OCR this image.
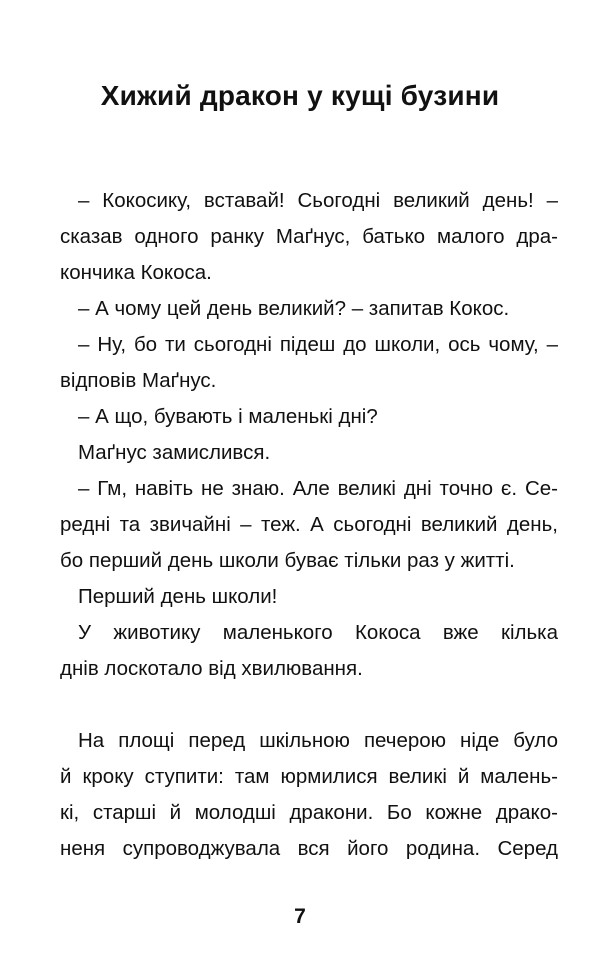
Хижий дракон у кущі бузини
– Кокосику, вставай! Сьогодні великий день! –
сказав одного ранку Маґнус, батько малого дра-
кончика Кокоса.
– А чому цей день великий? – запитав Кокос.
– Ну, бо ти сьогодні підеш до школи, ось чому, –
відповів Маґнус.
– А що, бувають і маленькі дні?
Маґнус замислився.
– Гм, навіть не знаю. Але великі дні точно є. Се-
редні та звичайні – теж. А сьогодні великий день,
бо перший день школи буває тільки раз у житті.
Перший день школи!
У животику маленького Кокоса вже кілька
днів лоскотало від хвилювання.
На площі перед шкільною печерою ніде було
й кроку ступити: там юрмилися великі й малень-
кі, старші й молодші дракони. Бо кожне драко-
неня супроводжувала вся його родина. Серед
7
